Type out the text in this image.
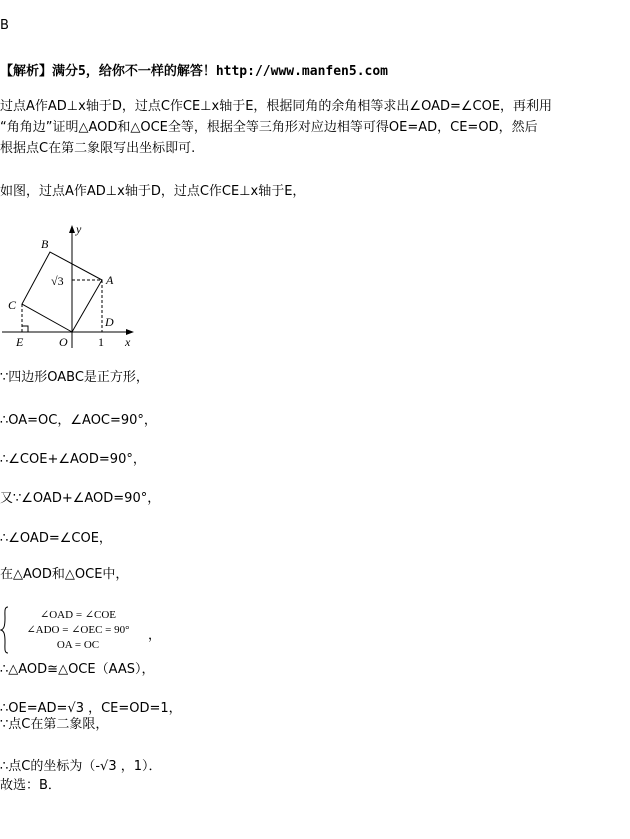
B
【解析】满分5，给你不一样的解答！http://www.manfen5.com
过点A作AD⊥x轴于D，过点C作CE⊥x轴于E，根据同角的余角相等求出∠OAD=∠COE，再利用
“角角边”证明△AOD和△OCE全等，根据全等三角形对应边相等可得OE=AD，CE=OD，然后
根据点C在第二象限写出坐标即可.
如图，过点A作AD⊥x轴于D，过点C作CE⊥x轴于E，
y
x
B
A
C
O
E
D
1
√3
∵四边形OABC是正方形，
∴OA=OC，∠AOC=90°，
∴∠COE+∠AOD=90°，
又∵∠OAD+∠AOD=90°，
∴∠OAD=∠COE，
在△AOD和△OCE中，
∠OAD = ∠COE
∠ADO = ∠OEC = 90°
OA = OC
，
∴△AOD≅△OCE（AAS），
∴OE=AD=√3 ，CE=OD=1，
∵点C在第二象限，
∴点C的坐标为（-√3 ，1）．
故选：B．
